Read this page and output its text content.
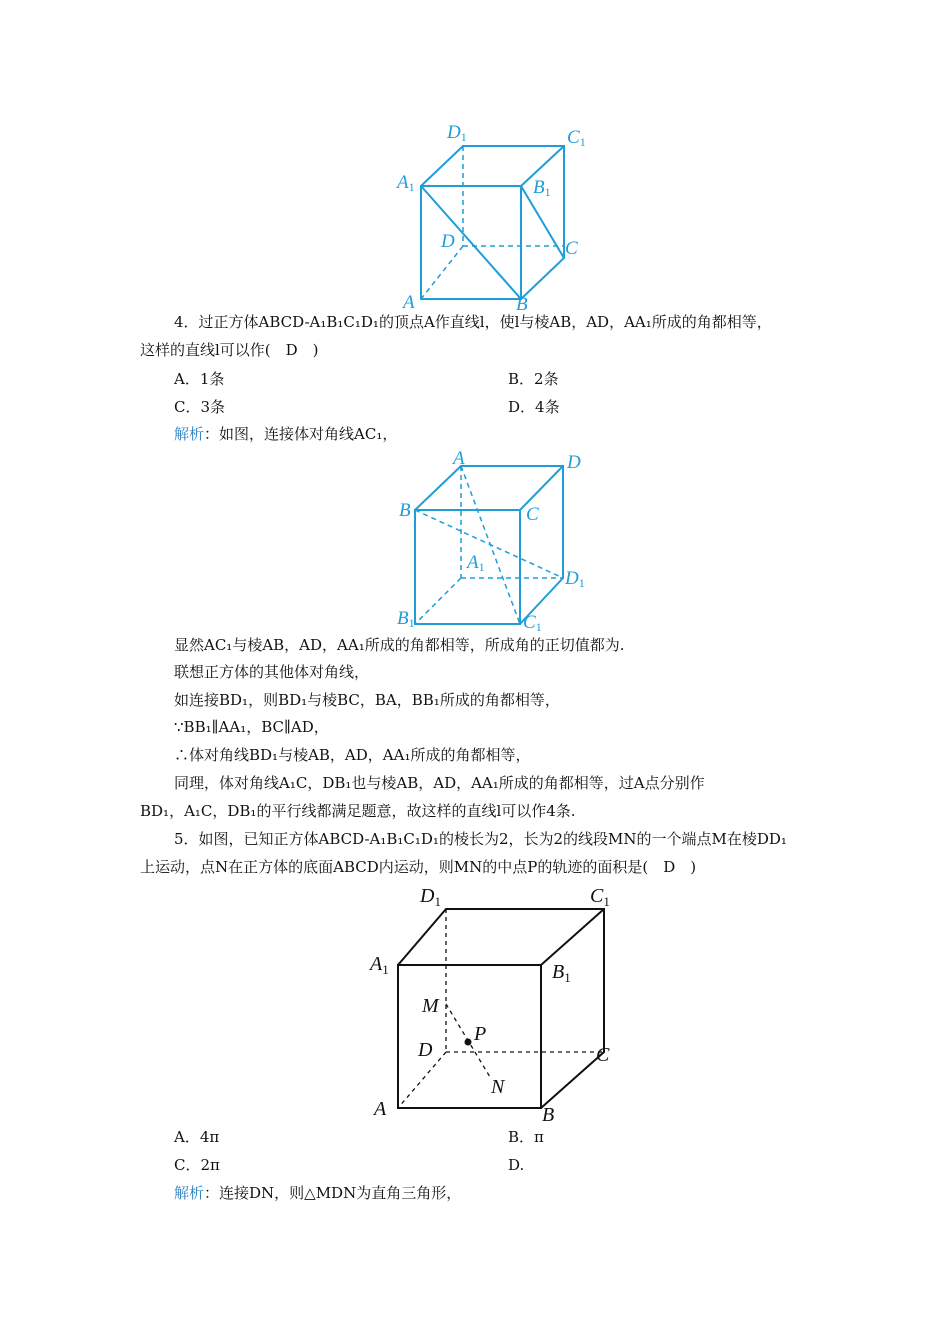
D1	C1
A1	B1
D	C
A	B
4．过正方体ABCD-A₁B₁C₁D₁的顶点A作直线l，使l与棱AB，AD，AA₁所成的角都相等，
这样的直线l可以作(　D　)
A．1条	B．2条
C．3条	D．4条
解析：如图，连接体对角线AC₁，
A	D
B	C
A1
D1
B1	C1
显然AC₁与棱AB，AD，AA₁所成的角都相等，所成角的正切值都为.
联想正方体的其他体对角线，
如连接BD₁，则BD₁与棱BC，BA，BB₁所成的角都相等，
∵BB₁∥AA₁，BC∥AD，
∴体对角线BD₁与棱AB，AD，AA₁所成的角都相等，
同理，体对角线A₁C，DB₁也与棱AB，AD，AA₁所成的角都相等，过A点分别作
BD₁，A₁C，DB₁的平行线都满足题意，故这样的直线l可以作4条.
5．如图，已知正方体ABCD-A₁B₁C₁D₁的棱长为2，长为2的线段MN的一个端点M在棱DD₁
上运动，点N在正方体的底面ABCD内运动，则MN的中点P的轨迹的面积是(　D　)
$D_1$	$C_1$
$A_1$	$B_1$
M
P
D	C
N
A	B
A．4π	B．π
C．2π	D.
解析：连接DN，则△MDN为直角三角形，
